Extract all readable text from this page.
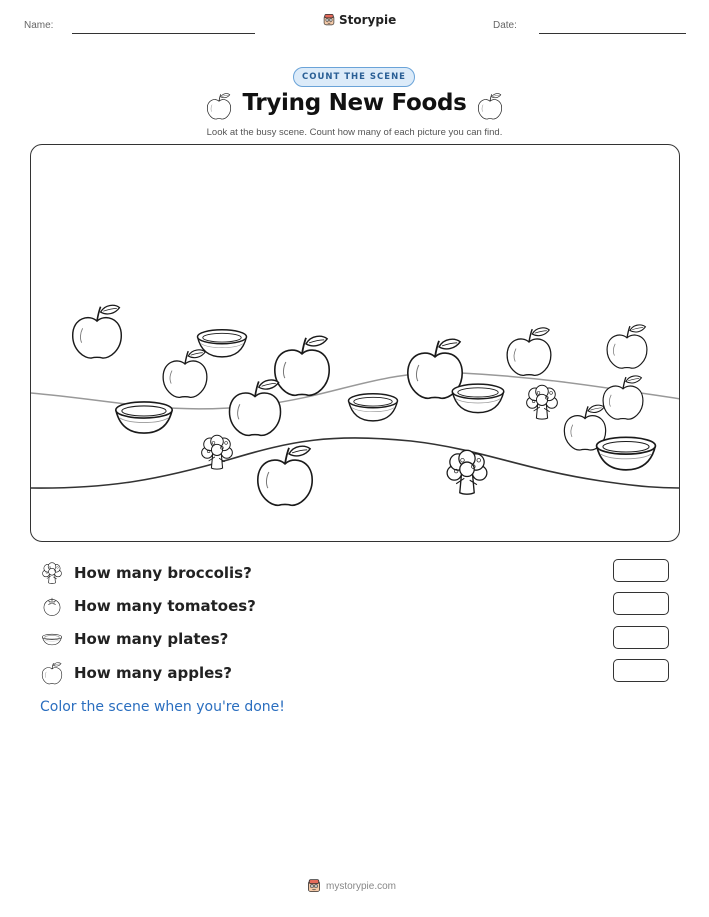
Name:	Storypie	Date:
COUNT THE SCENE
Trying New Foods
Look at the busy scene. Count how many of each picture you can find.
How many broccolis?
How many tomatoes?
How many plates?
How many apples?
Color the scene when you're done!
mystorypie.com
